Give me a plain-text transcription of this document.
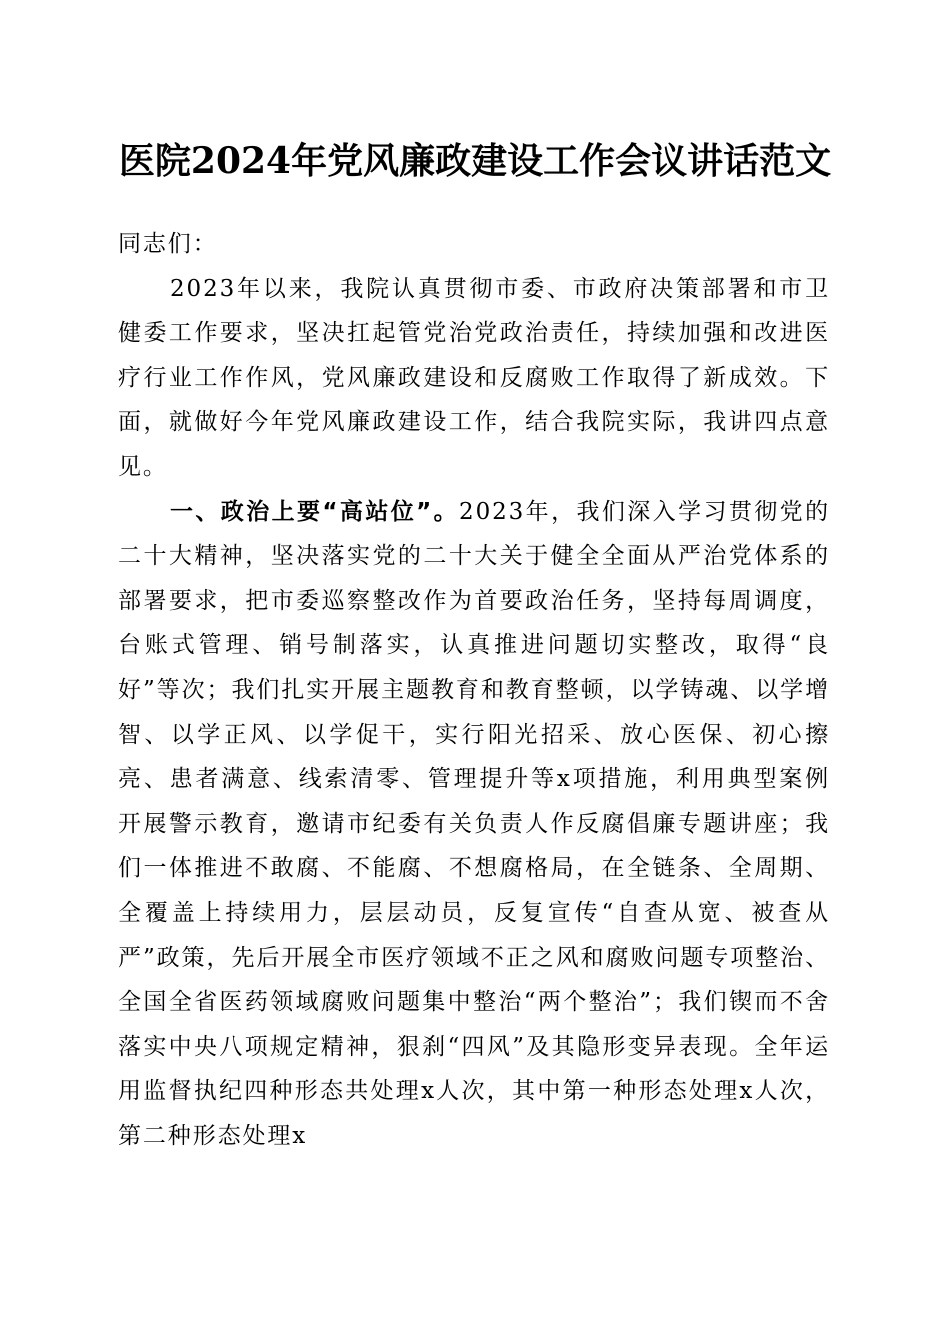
医院2024年党风廉政建设工作会议讲话范文

同志们：

2023年以来，我院认真贯彻市委、市政府决策部署和市卫健委工作要求，坚决扛起管党治党政治责任，持续加强和改进医疗行业工作作风，党风廉政建设和反腐败工作取得了新成效。下面，就做好今年党风廉政建设工作，结合我院实际，我讲四点意见。

一、政治上要“高站位”。2023年，我们深入学习贯彻党的二十大精神，坚决落实党的二十大关于健全全面从严治党体系的部署要求，把市委巡察整改作为首要政治任务，坚持每周调度，台账式管理、销号制落实，认真推进问题切实整改，取得“良好”等次；我们扎实开展主题教育和教育整顿，以学铸魂、以学增智、以学正风、以学促干，实行阳光招采、放心医保、初心擦亮、患者满意、线索清零、管理提升等x项措施，利用典型案例开展警示教育，邀请市纪委有关负责人作反腐倡廉专题讲座；我们一体推进不敢腐、不能腐、不想腐格局，在全链条、全周期、全覆盖上持续用力，层层动员，反复宣传“自查从宽、被查从严”政策，先后开展全市医疗领域不正之风和腐败问题专项整治、全国全省医药领域腐败问题集中整治“两个整治”；我们锲而不舍落实中央八项规定精神，狠刹“四风”及其隐形变异表现。全年运用监督执纪四种形态共处理x人次，其中第一种形态处理x人次，第二种形态处理x
